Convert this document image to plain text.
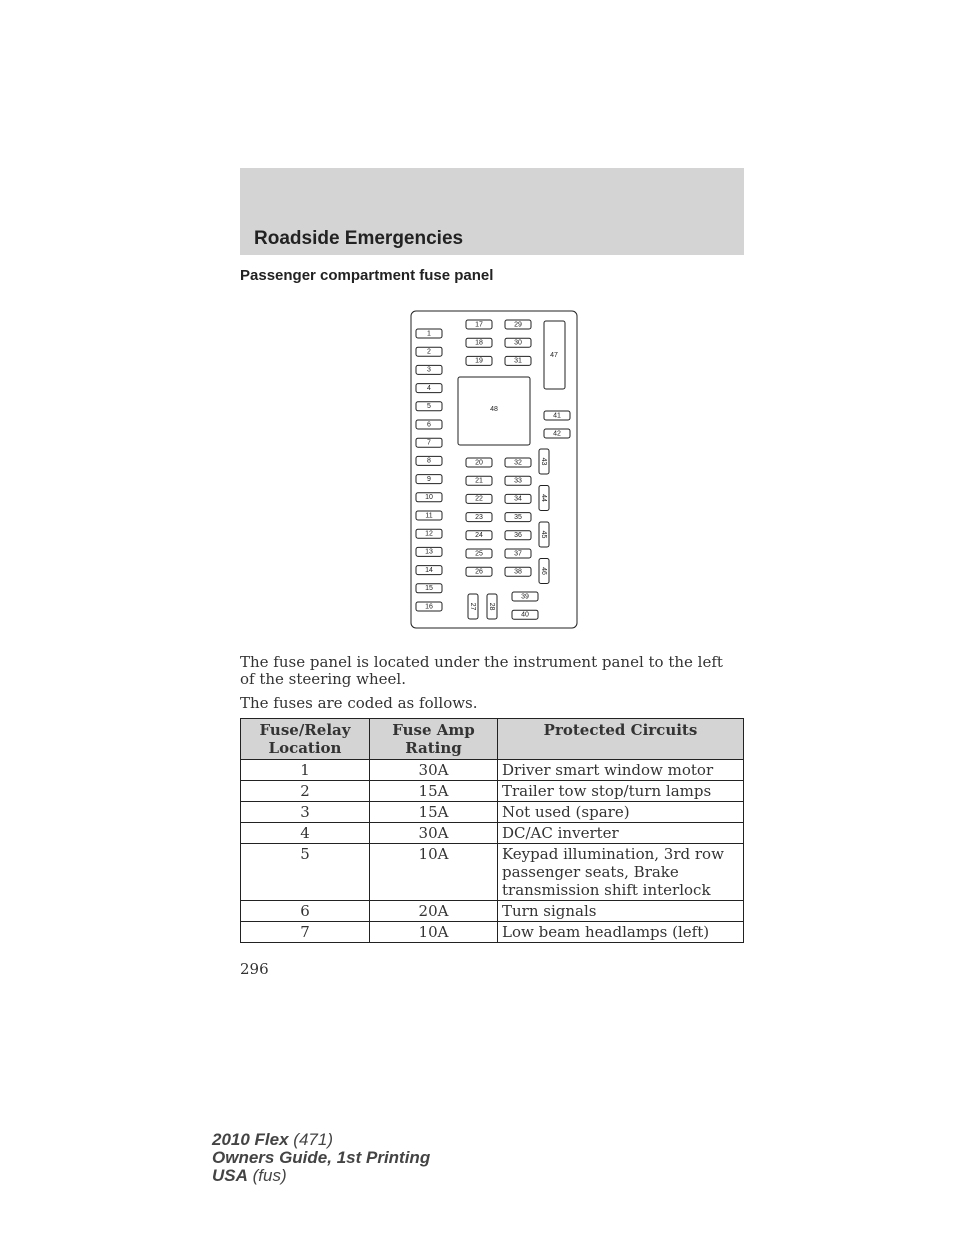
Roadside Emergencies
Passenger compartment fuse panel
1
2
3
4
5
6
7
8
9
10
11
12
13
14
15
16
17	29
18	30
19	31
20	32
21	33
22	34
23	35
24	36
25	37
26	38
48
47
41
42
43
44
45
46
27 28
39
40
The fuse panel is located under the instrument panel to the left of the steering wheel.
The fuses are coded as follows.
Fuse/Relay Location	Fuse Amp Rating	Protected Circuits
1	30A	Driver smart window motor
2	15A	Trailer tow stop/turn lamps
3	15A	Not used (spare)
4	30A	DC/AC inverter
5	10A	Keypad illumination, 3rd row passenger seats, Brake transmission shift interlock
6	20A	Turn signals
7	10A	Low beam headlamps (left)
296
2010 Flex (471)
Owners Guide, 1st Printing
USA (fus)
